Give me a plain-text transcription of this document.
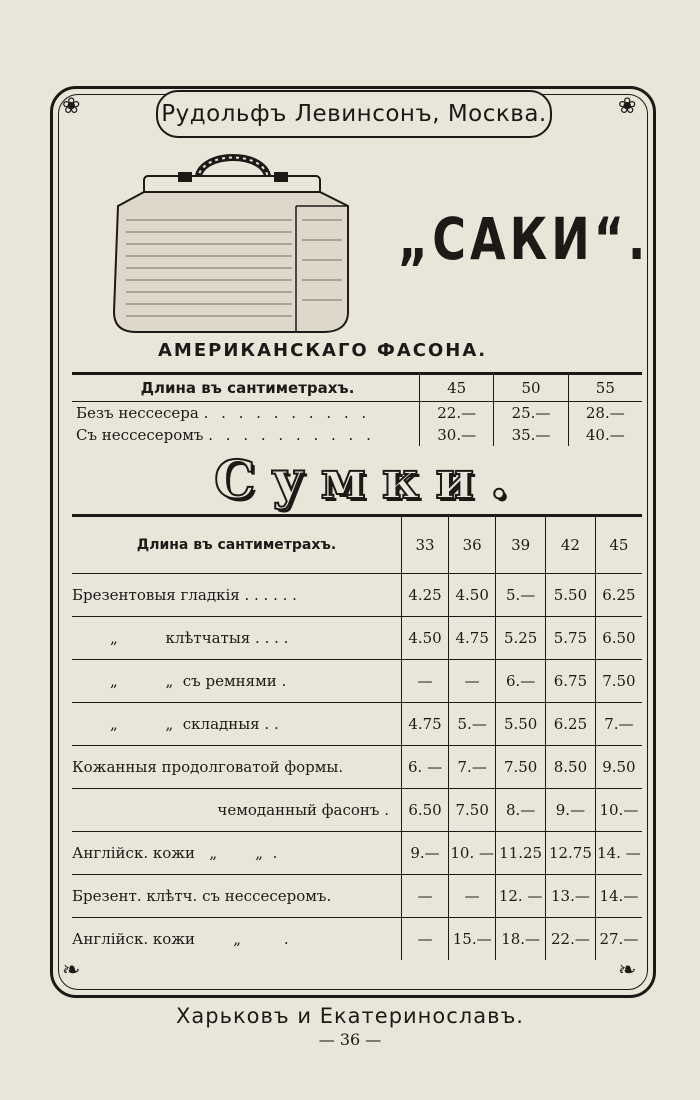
❀	❀
❧	❧
Рудольфъ Левинсонъ, Москва.
„САКИ“.
АМЕРИКАНСКАГО ФАСОНА.
Длина въ сантиметрахъ.	45	50	55
Безъ нессесера . . . . . . . . . .	22.—	25.—	28.—
Съ нессесеромъ . . . . . . . . . .	30.—	35.—	40.—
Сумки.
Длина въ сантиметрахъ.	33	36	39	42	45
Брезентовыя гладкія . . . . . .	4.25	4.50	5.—	5.50	6.25
„          клѣтчатыя . . . .	4.50	4.75	5.25	5.75	6.50
„          „  съ ремнями .	—	—	6.—	6.75	7.50
„          „  складныя . .	4.75	5.—	5.50	6.25	7.—
Кожанныя продолговатой формы.	6. —	7.—	7.50	8.50	9.50
чемоданный фасонъ .	6.50	7.50	8.—	9.—	10.—
Англійск. кожи   „        „  .	9.—	10. —	11.25	12.75	14. —
Брезент. клѣтч. съ нессесеромъ.	—	—	12. —	13.—	14.—
Англійск. кожи        „         .	—	15.—	18.—	22.—	27.—
Харьковъ и Екатеринославъ.
— 36 —
